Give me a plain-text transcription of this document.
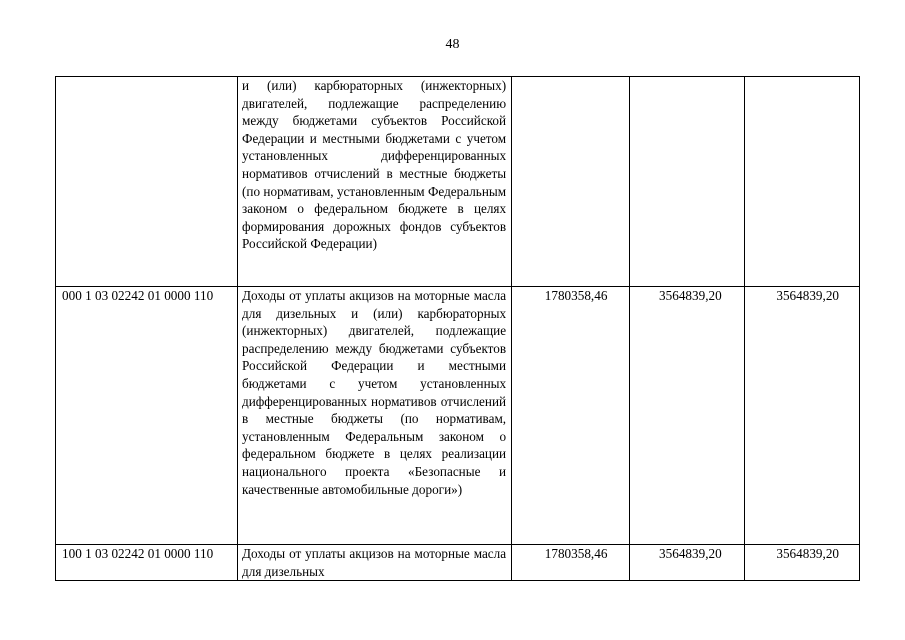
48
	и (или) карбюраторных (инжекторных) двигателей, подлежащие распределению между бюджетами субъектов Российской Федерации и местными бюджетами с учетом установленных дифференцированных нормативов отчислений в местные бюджеты (по нормативам, установленным Федеральным законом о федеральном бюджете в целях формирования дорожных фондов субъектов Российской Федерации)			
000 1 03 02242 01 0000 110	Доходы от уплаты акцизов на моторные масла для дизельных и (или) карбюраторных (инжекторных) двигателей, подлежащие распределению между бюджетами субъектов Российской Федерации и местными бюджетами с учетом установленных дифференцированных нормативов отчислений в местные бюджеты (по нормативам, установленным Федеральным законом о федеральном бюджете в целях реализации национального проекта «Безопасные и качественные автомобильные дороги»)	1780358,46	3564839,20	3564839,20
100 1 03 02242 01 0000 110	Доходы от уплаты акцизов на моторные масла для дизельных	1780358,46	3564839,20	3564839,20
